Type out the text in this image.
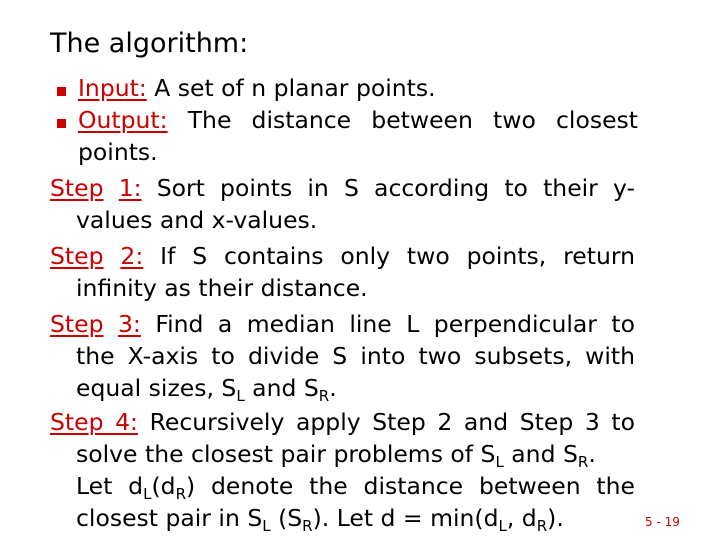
The algorithm:
Input: A set of n planar points.
Output: The distance between two closest
points.
Step 1: Sort points in S according to their y-
values and x-values.
Step 2: If S contains only two points, return
infinity as their distance.
Step 3: Find a median line L perpendicular to
the X-axis to divide S into two subsets, with
equal sizes, $S_L$ and $S_R$.
Step 4: Recursively apply Step 2 and Step 3 to
solve the closest pair problems of $S_L$ and $S_R$.
Let $d_L(d_R)$ denote the distance between the
closest pair in $S_L$ $(S_R)$. Let $d = \min(d_L$, $d_R$).	5 - 19
